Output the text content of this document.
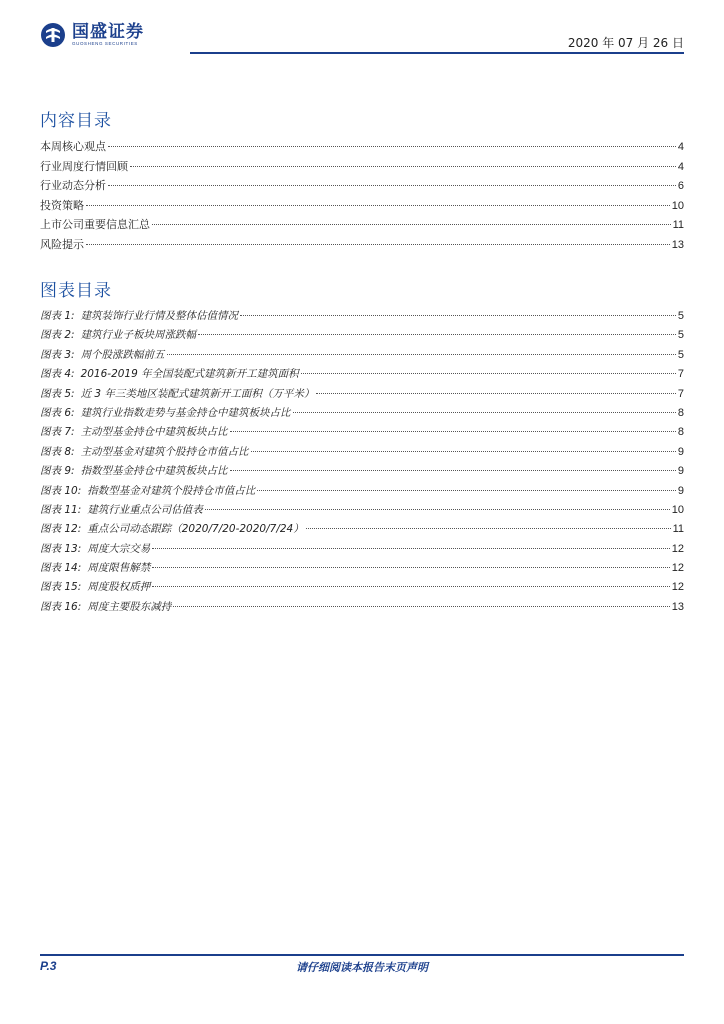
国盛证券
GUOSHENG SECURITIES	2020 年 07 月 26 日
内容目录
本周核心观点	4
行业周度行情回顾	4
行业动态分析	6
投资策略	10
上市公司重要信息汇总	11
风险提示	13
图表目录
图表 1: 建筑装饰行业行情及整体估值情况	5
图表 2: 建筑行业子板块周涨跌幅	5
图表 3: 周个股涨跌幅前五	5
图表 4: 2016-2019 年全国装配式建筑新开工建筑面积	7
图表 5: 近 3 年三类地区装配式建筑新开工面积（万平米）	7
图表 6: 建筑行业指数走势与基金持仓中建筑板块占比	8
图表 7: 主动型基金持仓中建筑板块占比	8
图表 8: 主动型基金对建筑个股持仓市值占比	9
图表 9: 指数型基金持仓中建筑板块占比	9
图表 10: 指数型基金对建筑个股持仓市值占比	9
图表 11: 建筑行业重点公司估值表	10
图表 12: 重点公司动态跟踪（2020/7/20-2020/7/24）	11
图表 13: 周度大宗交易	12
图表 14: 周度限售解禁	12
图表 15: 周度股权质押	12
图表 16: 周度主要股东减持	13
P.3	请仔细阅读本报告末页声明
